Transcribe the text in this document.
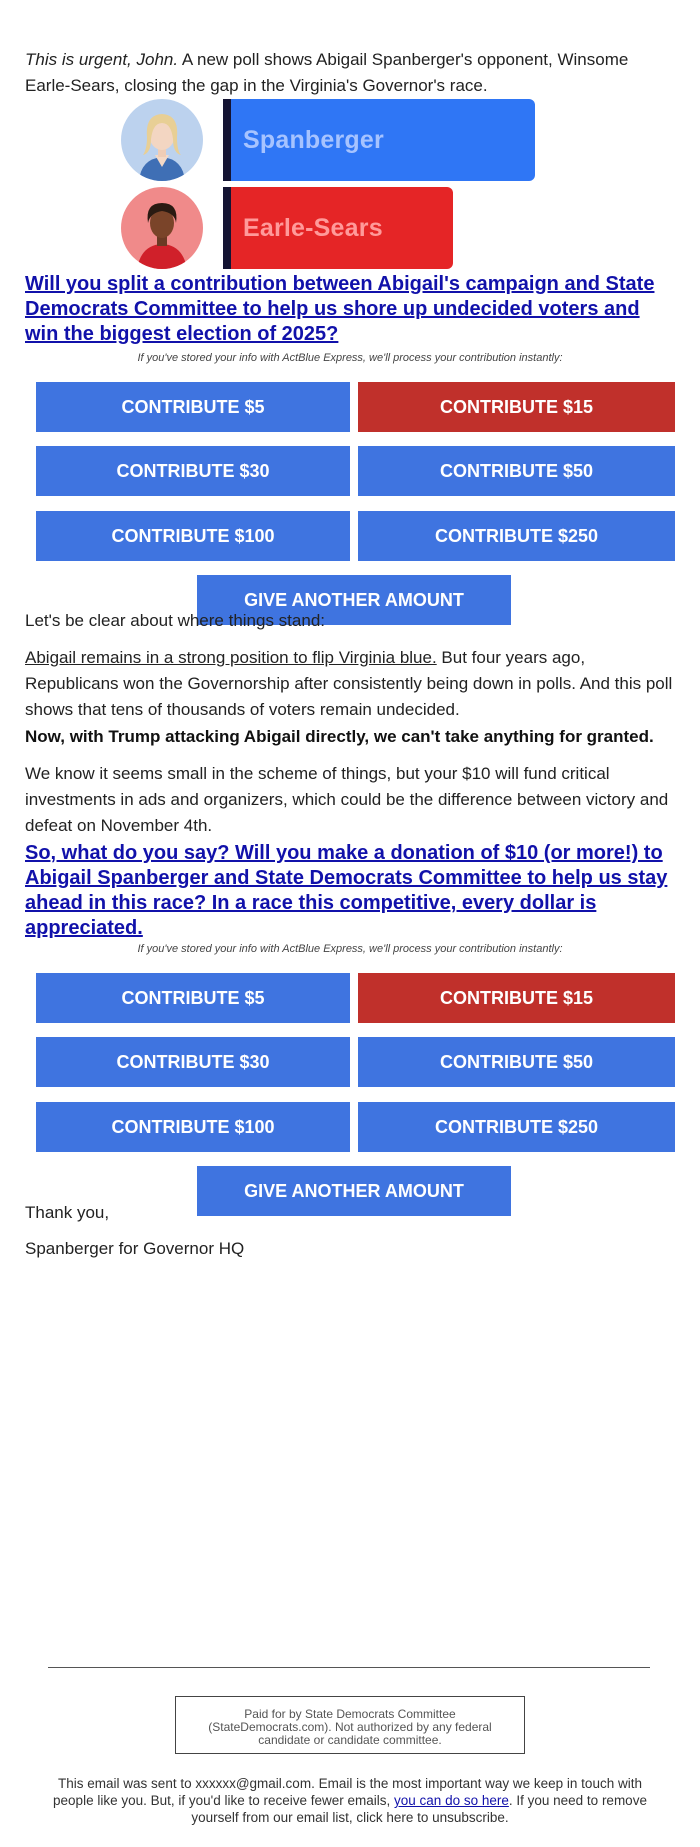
This is urgent, John. A new poll shows Abigail Spanberger's opponent, Winsome Earle-Sears, closing the gap in the Virginia's Governor's race.

Spanberger
Earle-Sears

Will you split a contribution between Abigail's campaign and State Democrats Committee to help us shore up undecided voters and win the biggest election of 2025?

If you've stored your info with ActBlue Express, we'll process your contribution instantly:

CONTRIBUTE $5	CONTRIBUTE $15
CONTRIBUTE $30	CONTRIBUTE $50
CONTRIBUTE $100	CONTRIBUTE $250
GIVE ANOTHER AMOUNT

Let's be clear about where things stand:

Abigail remains in a strong position to flip Virginia blue. But four years ago, Republicans won the Governorship after consistently being down in polls. And this poll shows that tens of thousands of voters remain undecided.

Now, with Trump attacking Abigail directly, we can't take anything for granted.

We know it seems small in the scheme of things, but your $10 will fund critical investments in ads and organizers, which could be the difference between victory and defeat on November 4th.

So, what do you say? Will you make a donation of $10 (or more!) to Abigail Spanberger and State Democrats Committee to help us stay ahead in this race? In a race this competitive, every dollar is appreciated.

If you've stored your info with ActBlue Express, we'll process your contribution instantly:

CONTRIBUTE $5	CONTRIBUTE $15
CONTRIBUTE $30	CONTRIBUTE $50
CONTRIBUTE $100	CONTRIBUTE $250
GIVE ANOTHER AMOUNT

Thank you,

Spanberger for Governor HQ

Paid for by State Democrats Committee
(StateDemocrats.com). Not authorized by any federal
candidate or candidate committee.

This email was sent to xxxxxx@gmail.com. Email is the most important way we keep in touch with people like you. But, if you'd like to receive fewer emails, you can do so here. If you need to remove yourself from our email list, click here to unsubscribe.
